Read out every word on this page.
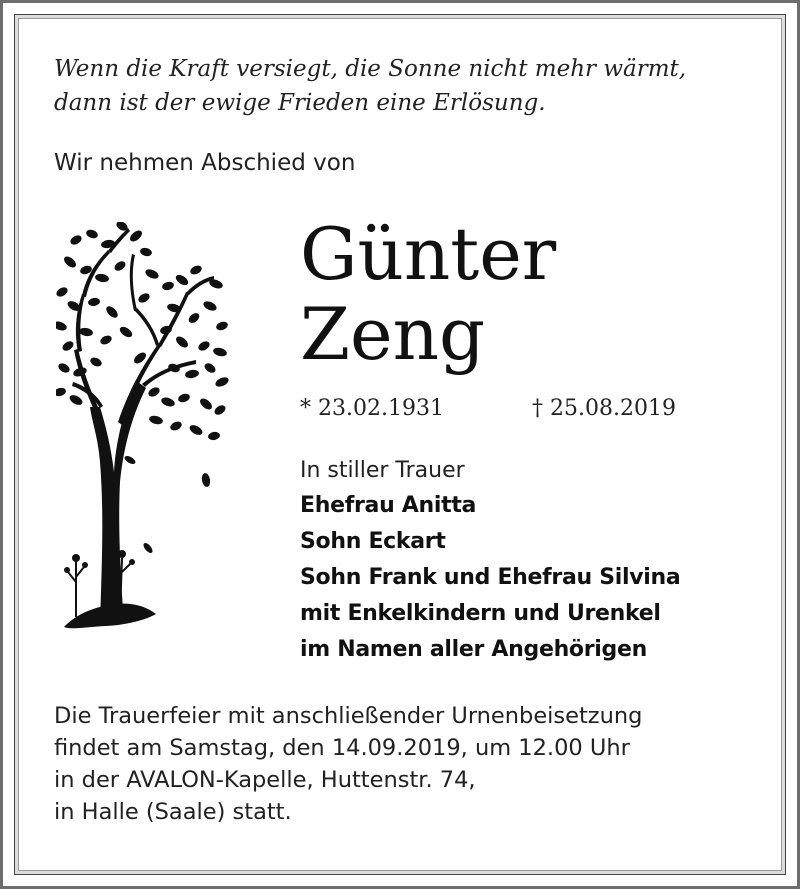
Wenn die Kraft versiegt, die Sonne nicht mehr wärmt,
dann ist der ewige Frieden eine Erlösung.
Wir nehmen Abschied von
Günter
Zeng
* 23.02.1931	† 25.08.2019
In stiller Trauer
Ehefrau Anitta
Sohn Eckart
Sohn Frank und Ehefrau Silvina
mit Enkelkindern und Urenkel
im Namen aller Angehörigen
Die Trauerfeier mit anschließender Urnenbeisetzung
findet am Samstag, den 14.09.2019, um 12.00 Uhr
in der AVALON-Kapelle, Huttenstr. 74,
in Halle (Saale) statt.
